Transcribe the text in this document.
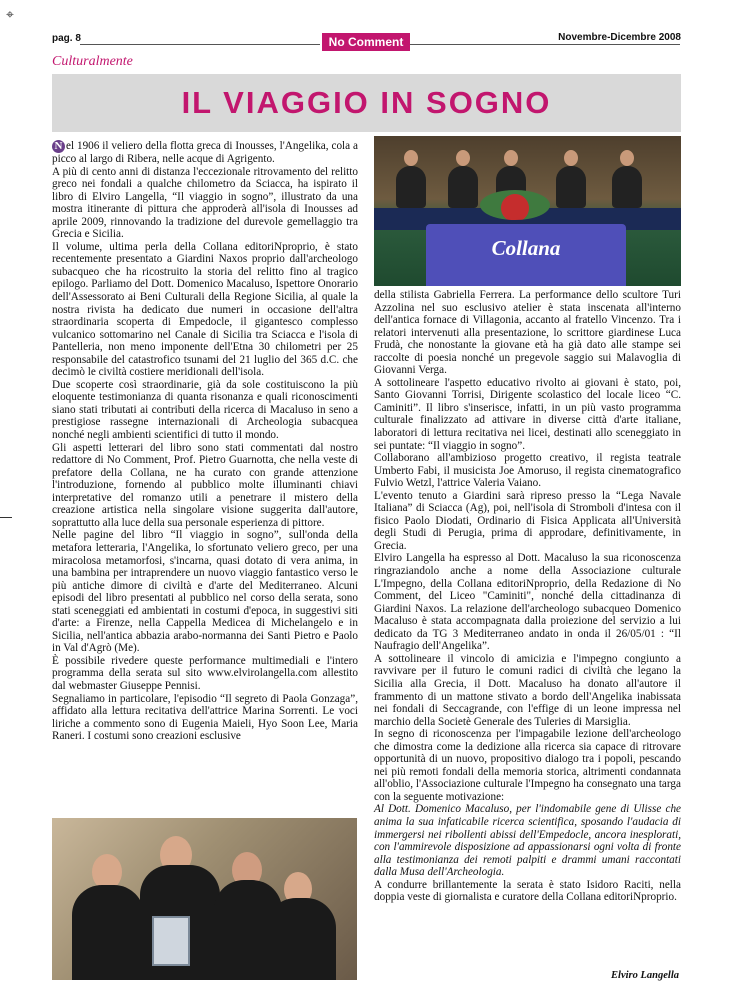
⌖
pag. 8	No Comment	Novembre-Dicembre 2008
Culturalmente
IL VIAGGIO IN SOGNO

N el 1906 il veliero della flotta greca di Inousses, l'Angelika, cola a picco al largo di Ribera, nelle acque di Agrigento.

A più di cento anni di distanza l'eccezionale ritrovamento del relitto greco nei fondali a qualche chilometro da Sciacca, ha ispirato il libro di Elviro Langella, “Il viaggio in sogno”, illustrato da una mostra itinerante di pittura che approderà all'isola di Inousses ad aprile 2009, rinnovando la tradizione del durevole gemellaggio tra Grecia e Sicilia.

Il volume, ultima perla della Collana editoriNproprio, è stato recentemente presentato a Giardini Naxos proprio dall'archeologo subacqueo che ha ricostruito la storia del relitto fino al tragico epilogo. Parliamo del Dott. Domenico Macaluso, Ispettore Onorario dell'Assessorato ai Beni Culturali della Regione Sicilia, al quale la nostra rivista ha dedicato due numeri in occasione dell'altra straordinaria scoperta di Empedocle, il gigantesco complesso vulcanico sottomarino nel Canale di Sicilia tra Sciacca e l'isola di Pantelleria, non meno imponente dell'Etna 30 chilometri per 25 responsabile del catastrofico tsunami del 21 luglio del 365 d.C. che decimò le civiltà costiere meridionali dell'isola.

Due scoperte così straordinarie, già da sole costituiscono la più eloquente testimonianza di quanta risonanza e quali riconoscimenti siano stati tributati ai contributi della ricerca di Macaluso in seno a prestigiose rassegne internazionali di Archeologia subacquea nonché negli ambienti scientifici di tutto il mondo.

Gli aspetti letterari del libro sono stati commentati dal nostro redattore di No Comment, Prof. Pietro Guarnotta, che nella veste di prefatore della Collana, ne ha curato con grande attenzione l'introduzione, fornendo al pubblico molte illuminanti chiavi interpretative del romanzo utili a penetrare il mistero della creazione artistica nella singolare visione suggerita dall'autore, soprattutto alla luce della sua personale esperienza di pittore.

Nelle pagine del libro “Il viaggio in sogno”, sull'onda della metafora letteraria, l'Angelika, lo sfortunato veliero greco, per una miracolosa metamorfosi, s'incarna, quasi dotato di vera anima, in una bambina per intraprendere un nuovo viaggio fantastico verso le più antiche dimore di civiltà e d'arte del Mediterraneo. Alcuni episodi del libro presentati al pubblico nel corso della serata, sono stati sceneggiati ed ambientati in costumi d'epoca, in suggestivi siti d'arte: a Firenze, nella Cappella Medicea di Michelangelo e in Sicilia, nell'antica abbazia arabo-normanna dei Santi Pietro e Paolo in Val d'Agrò (Me).

È possibile rivedere queste performance multimediali e l'intero programma della serata sul sito www.elvirolangella.com allestito dal webmaster Giuseppe Pennisi.

Segnaliamo in particolare, l'episodio “Il segreto di Paola Gonzaga”, affidato alla lettura recitativa dell'attrice Marina Sorrenti. Le voci liriche a commento sono di Eugenia Maieli, Hyo Soon Lee, Maria Raneri. I costumi sono creazioni esclusive

Collana

della stilista Gabriella Ferrera. La performance dello scultore Turi Azzolina nel suo esclusivo atelier è stata inscenata all'interno dell'antica fornace di Villagonia, accanto al fratello Vincenzo. Tra i relatori intervenuti alla presentazione, lo scrittore giardinese Luca Frudà, che nonostante la giovane età ha già dato alle stampe sei raccolte di poesia nonché un pregevole saggio sui Malavoglia di Giovanni Verga.

A sottolineare l'aspetto educativo rivolto ai giovani è stato, poi, Santo Giovanni Torrisi, Dirigente scolastico del locale liceo “C. Caminiti”. Il libro s'inserisce, infatti, in un più vasto programma culturale finalizzato ad attivare in diverse città d'arte italiane, laboratori di lettura recitativa nei licei, destinati allo sceneggiato in sei puntate: “Il viaggio in sogno”.

Collaborano all'ambizioso progetto creativo, il regista teatrale Umberto Fabi, il musicista Joe Amoruso, il regista cinematografico Fulvio Wetzl, l'attrice Valeria Vaiano.

L'evento tenuto a Giardini sarà ripreso presso la “Lega Navale Italiana” di Sciacca (Ag), poi, nell'isola di Stromboli d'intesa con il fisico Paolo Diodati, Ordinario di Fisica Applicata all'Università degli Studi di Perugia, prima di approdare, definitivamente, in Grecia.

Elviro Langella ha espresso al Dott. Macaluso la sua riconoscenza ringraziandolo anche a nome della Associazione culturale L'Impegno, della Collana editoriNproprio, della Redazione di No Comment, del Liceo "Caminiti", nonché della cittadinanza di Giardini Naxos. La relazione dell'archeologo subacqueo Domenico Macaluso è stata accompagnata dalla proiezione del servizio a lui dedicato da TG 3 Mediterraneo andato in onda il 26/05/01 : “Il Naufragio dell'Angelika”.

A sottolineare il vincolo di amicizia e l'impegno congiunto a ravvivare per il futuro le comuni radici di civiltà che legano la Sicilia alla Grecia, il Dott. Macaluso ha donato all'autore il frammento di un mattone stivato a bordo dell'Angelika inabissata nei fondali di Seccagrande, con l'effige di un leone impressa nel marchio della Societè Generale des Tuleries di Marsiglia.

In segno di riconoscenza per l'impagabile lezione dell'archeologo che dimostra come la dedizione alla ricerca sia capace di ritrovare opportunità di un nuovo, propositivo dialogo tra i popoli, pescando nei più remoti fondali della memoria storica, altrimenti condannata all'oblio, l'Associazione culturale l'Impegno ha consegnato una targa con la seguente motivazione:

Al Dott. Domenico Macaluso, per l'indomabile gene di Ulisse che anima la sua infaticabile ricerca scientifica, sposando l'audacia di immergersi nei ribollenti abissi dell'Empedocle, ancora inesplorati, con l'ammirevole disposizione ad appassionarsi ogni volta di fronte alla testimonianza dei remoti palpiti e drammi umani raccontati dalla Musa dell'Archeologia.

A condurre brillantemente la serata è stato Isidoro Raciti, nella doppia veste di giornalista e curatore della Collana editoriNproprio.

Elviro Langella
